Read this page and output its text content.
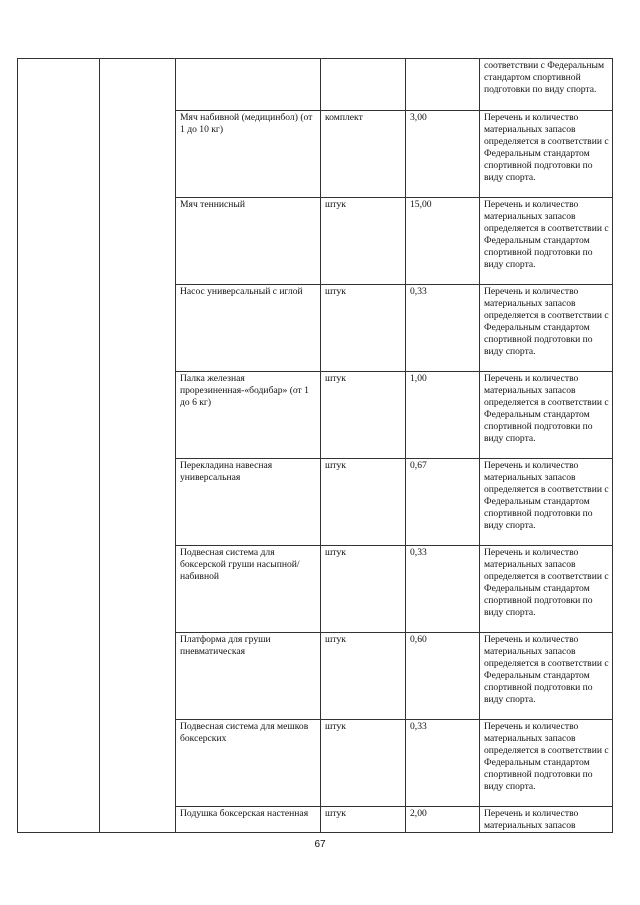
					соответствии с Федеральным стандартом спортивной подготовки по виду спорта.
		Мяч набивной (медицинбол) (от 1 до 10 кг)	комплект	3,00	Перечень и количество материальных запасов определяется в соответствии с Федеральным стандартом спортивной подготовки по виду спорта.
		Мяч теннисный	штук	15,00	Перечень и количество материальных запасов определяется в соответствии с Федеральным стандартом спортивной подготовки по виду спорта.
		Насос универсальный с иглой	штук	0,33	Перечень и количество материальных запасов определяется в соответствии с Федеральным стандартом спортивной подготовки по виду спорта.
		Палка железная прорезиненная-«бодибар» (от 1 до 6 кг)	штук	1,00	Перечень и количество материальных запасов определяется в соответствии с Федеральным стандартом спортивной подготовки по виду спорта.
		Перекладина навесная универсальная	штук	0,67	Перечень и количество материальных запасов определяется в соответствии с Федеральным стандартом спортивной подготовки по виду спорта.
		Подвесная система для боксерской груши насыпной/набивной	штук	0,33	Перечень и количество материальных запасов определяется в соответствии с Федеральным стандартом спортивной подготовки по виду спорта.
		Платформа для груши пневматическая	штук	0,60	Перечень и количество материальных запасов определяется в соответствии с Федеральным стандартом спортивной подготовки по виду спорта.
		Подвесная система для мешков боксерских	штук	0,33	Перечень и количество материальных запасов определяется в соответствии с Федеральным стандартом спортивной подготовки по виду спорта.
		Подушка боксерская настенная	штук	2,00	Перечень и количество материальных запасов
67
